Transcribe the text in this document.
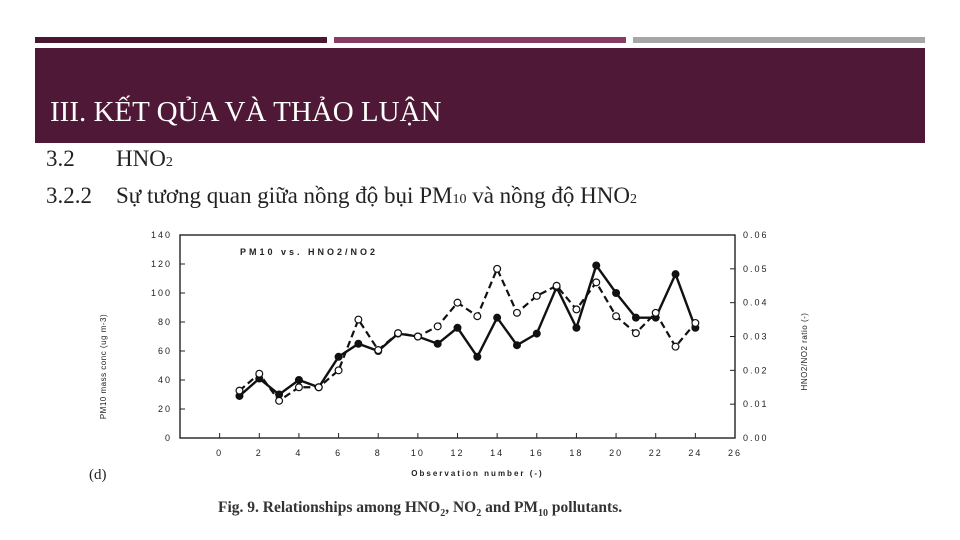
III. KẾT QỦA VÀ THẢO LUẬN
3.2 HNO2
3.2.2 Sự tương quan giữa nồng độ bụi PM10 và nồng độ HNO2
0	2	4	6	8	10	12	14	16	18	20	22	24	26
0
20
40
60
80
100
120
140
0.00
0.01
0.02
0.03
0.04
0.05
0.06
Observation number (-)
PM10 mass conc (ug m-3)	HNO2/NO2 ratio (-)
PM10 vs. HNO2/NO2
(d)
Fig. 9. Relationships among $HNO_2$, $NO_2$ and $PM_{10}$ pollutants.
